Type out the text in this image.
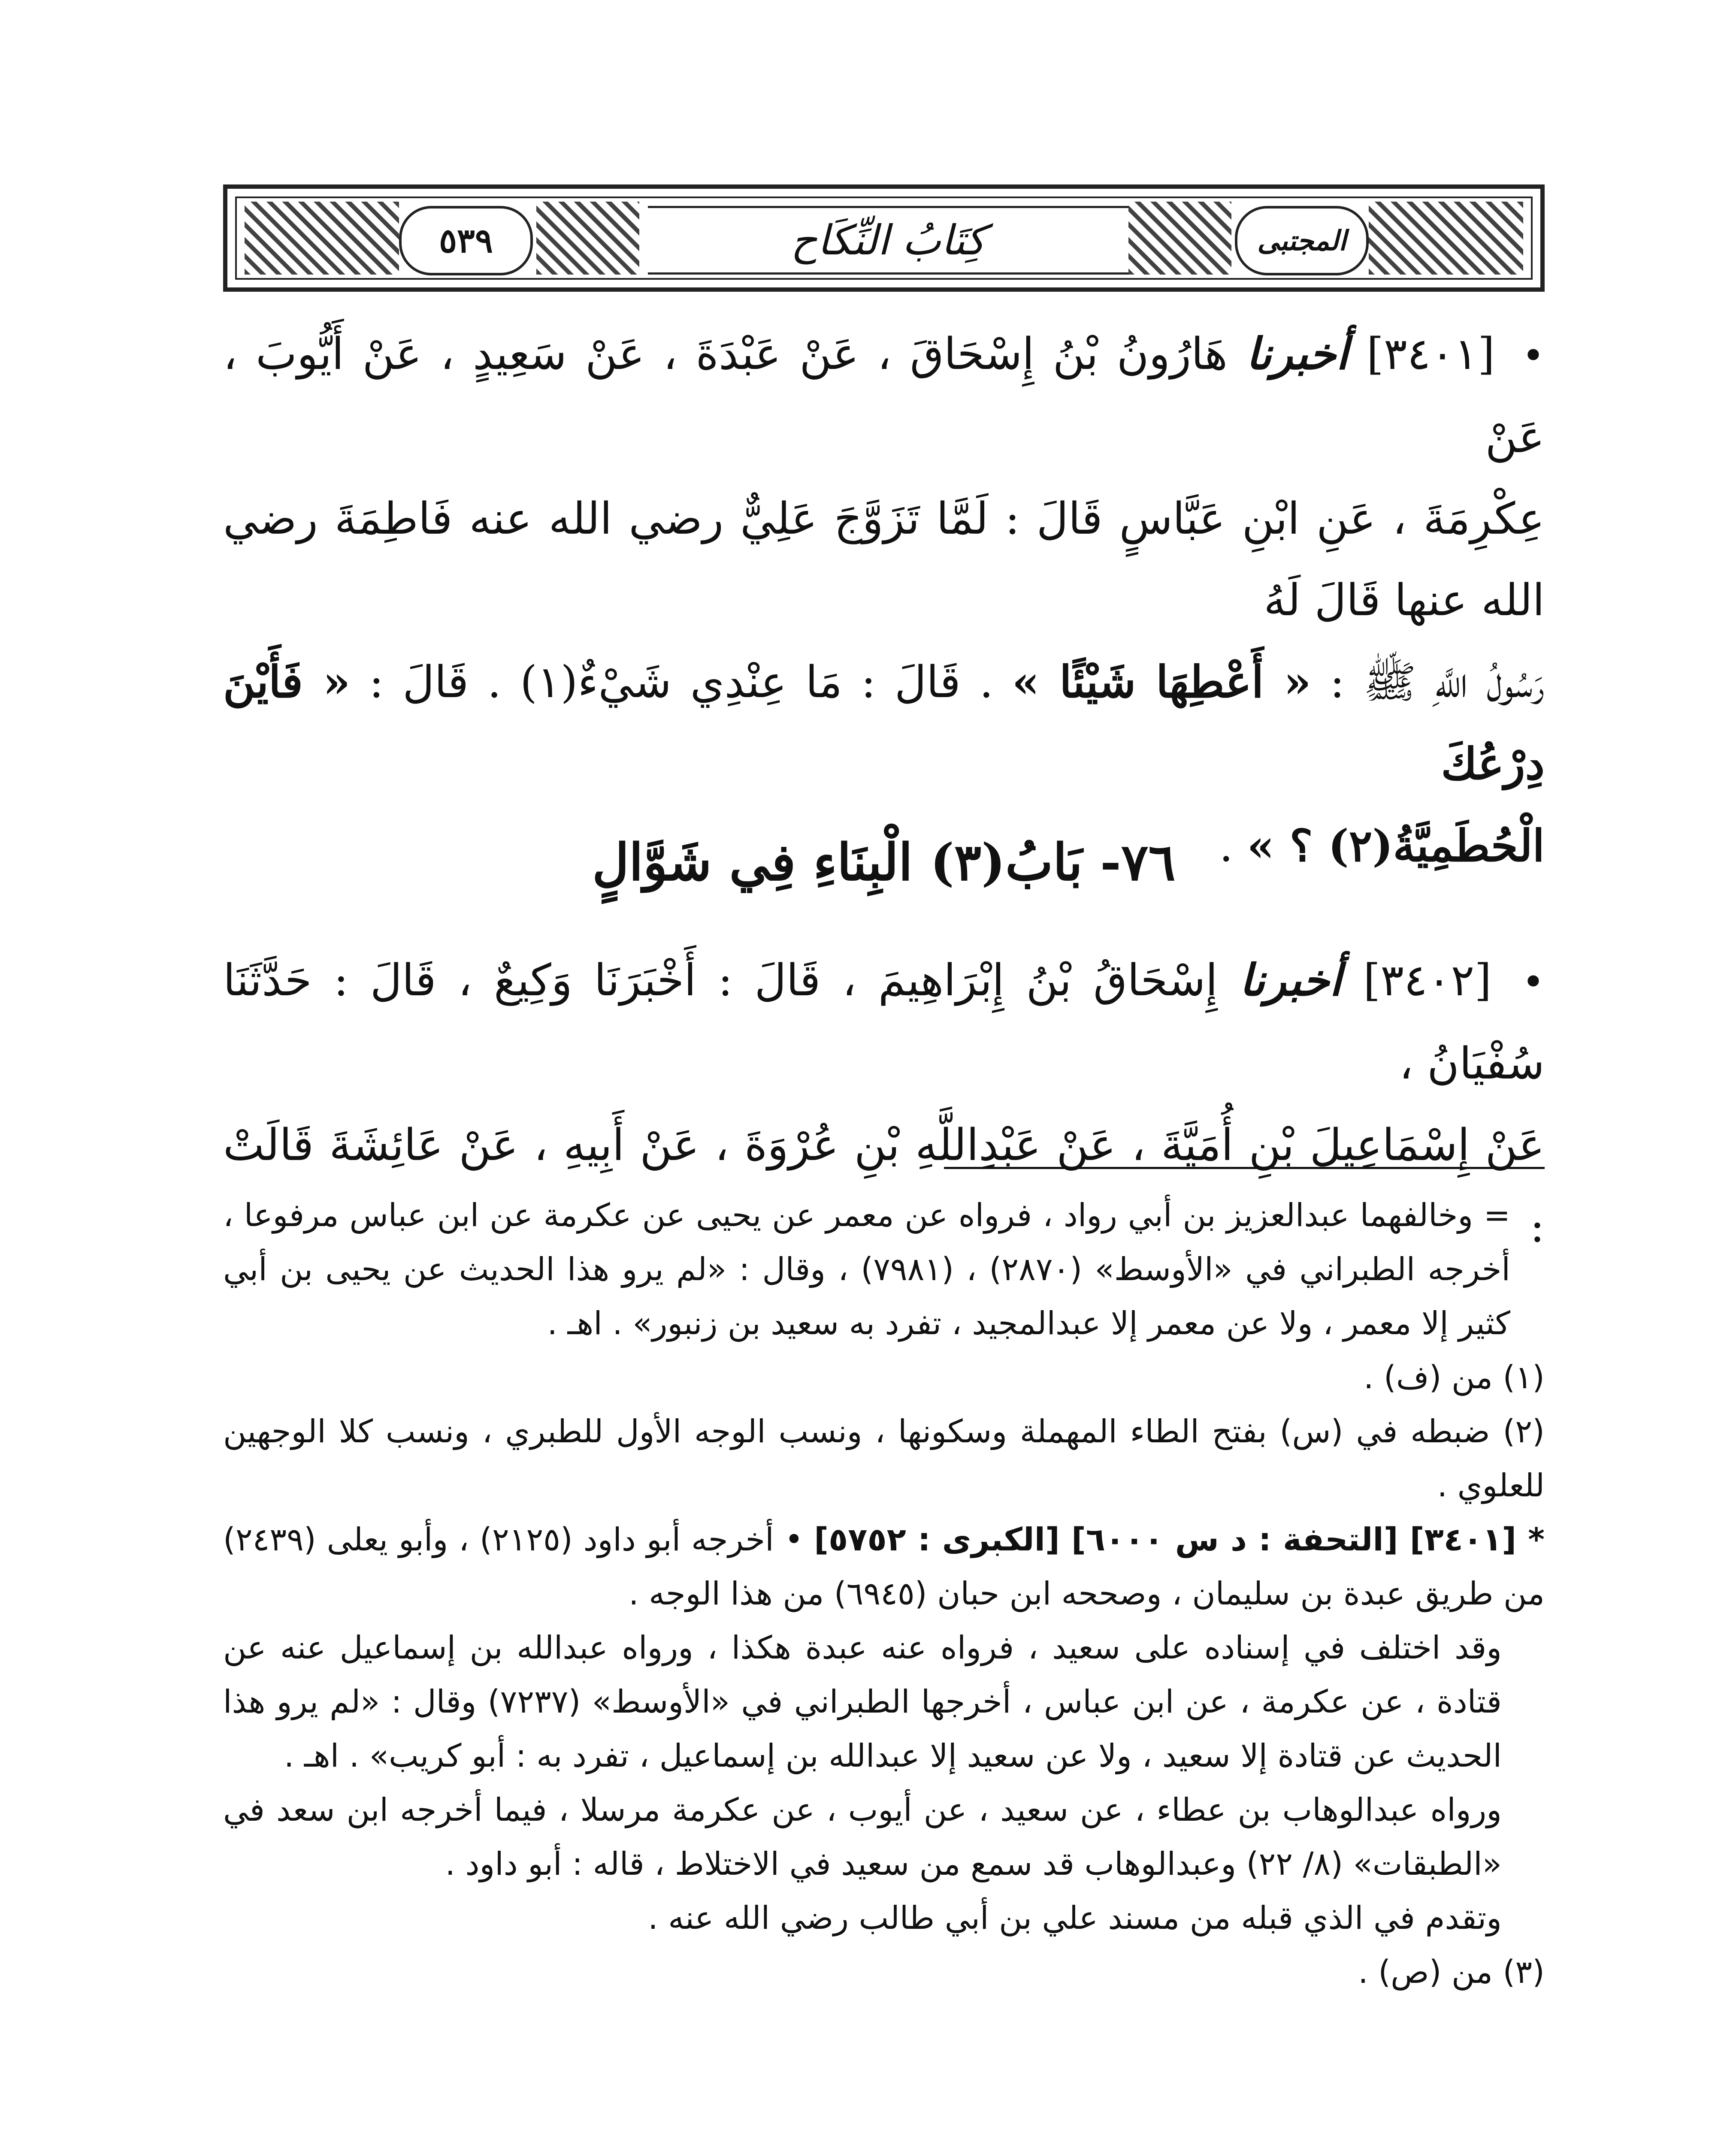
٥٣٩	كِتَابُ النِّكَاح	المجتبى
• [٣٤٠١] أخبرنا هَارُونُ بْنُ إِسْحَاقَ ، عَنْ عَبْدَةَ ، عَنْ سَعِيدٍ ، عَنْ أَيُّوبَ ، عَنْ
عِكْرِمَةَ ، عَنِ ابْنِ عَبَّاسٍ قَالَ : لَمَّا تَزَوَّجَ عَلِيٌّ رضي الله عنه فَاطِمَةَ رضي الله عنها قَالَ لَهُ
رَسُولُ اللَّهِ ﷺ : « أَعْطِهَا شَيْئًا » . قَالَ : مَا عِنْدِي شَيْءٌ(١) . قَالَ : « فَأَيْنَ دِرْعُكَ
الْحُطَمِيَّةُ(٢) ؟ » .
٧٦- بَابُ(٣) الْبِنَاءِ فِي شَوَّالٍ
• [٣٤٠٢] أخبرنا إِسْحَاقُ بْنُ إِبْرَاهِيمَ ، قَالَ : أَخْبَرَنَا وَكِيعٌ ، قَالَ : حَدَّثَنَا سُفْيَانُ ،
عَنْ إِسْمَاعِيلَ بْنِ أُمَيَّةَ ، عَنْ عَبْدِاللَّهِ بْنِ عُرْوَةَ ، عَنْ أَبِيهِ ، عَنْ عَائِشَةَ قَالَتْ :

= وخالفهما عبدالعزيز بن أبي رواد ، فرواه عن معمر عن يحيى عن عكرمة عن ابن عباس مرفوعا ، أخرجه الطبراني في «الأوسط» (٢٨٧٠) ، (٧٩٨١) ، وقال : «لم يرو هذا الحديث عن يحيى بن أبي كثير إلا معمر ، ولا عن معمر إلا عبدالمجيد ، تفرد به سعيد بن زنبور» . اهـ .

(١) من (ف) .

(٢) ضبطه في (س) بفتح الطاء المهملة وسكونها ، ونسب الوجه الأول للطبري ، ونسب كلا الوجهين للعلوي .

* [٣٤٠١] [التحفة : د س ٦٠٠٠] [الكبرى : ٥٧٥٢] • أخرجه أبو داود (٢١٢٥) ، وأبو يعلى (٢٤٣٩) من طريق عبدة بن سليمان ، وصححه ابن حبان (٦٩٤٥) من هذا الوجه .

وقد اختلف في إسناده على سعيد ، فرواه عنه عبدة هكذا ، ورواه عبدالله بن إسماعيل عنه عن قتادة ، عن عكرمة ، عن ابن عباس ، أخرجها الطبراني في «الأوسط» (٧٢٣٧) وقال : «لم يرو هذا الحديث عن قتادة إلا سعيد ، ولا عن سعيد إلا عبدالله بن إسماعيل ، تفرد به : أبو كريب» . اهـ .

ورواه عبدالوهاب بن عطاء ، عن سعيد ، عن أيوب ، عن عكرمة مرسلا ، فيما أخرجه ابن سعد في «الطبقات» (٨/ ٢٢) وعبدالوهاب قد سمع من سعيد في الاختلاط ، قاله : أبو داود .

وتقدم في الذي قبله من مسند علي بن أبي طالب رضي الله عنه .

(٣) من (ص) .
